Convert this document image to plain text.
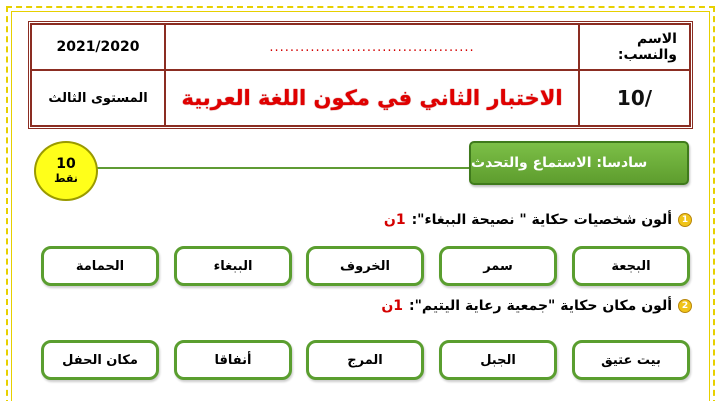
2021/2020	........................................	الاسم والنسب:
المستوى الثالث	الاختبار الثاني في مكون اللغة العربية	10/
سادسا: الاستماع والتحدث
10
نقط
1
ألون شخصيات حكاية " نصيحة الببغاء":
1ن
البجعة
سمر
الخروف
الببغاء
الحمامة
2
ألون مكان حكاية "جمعية رعاية اليتيم":
1ن
بيت عتيق
الجبل
المرج
أنفاقا
مكان الحفل
